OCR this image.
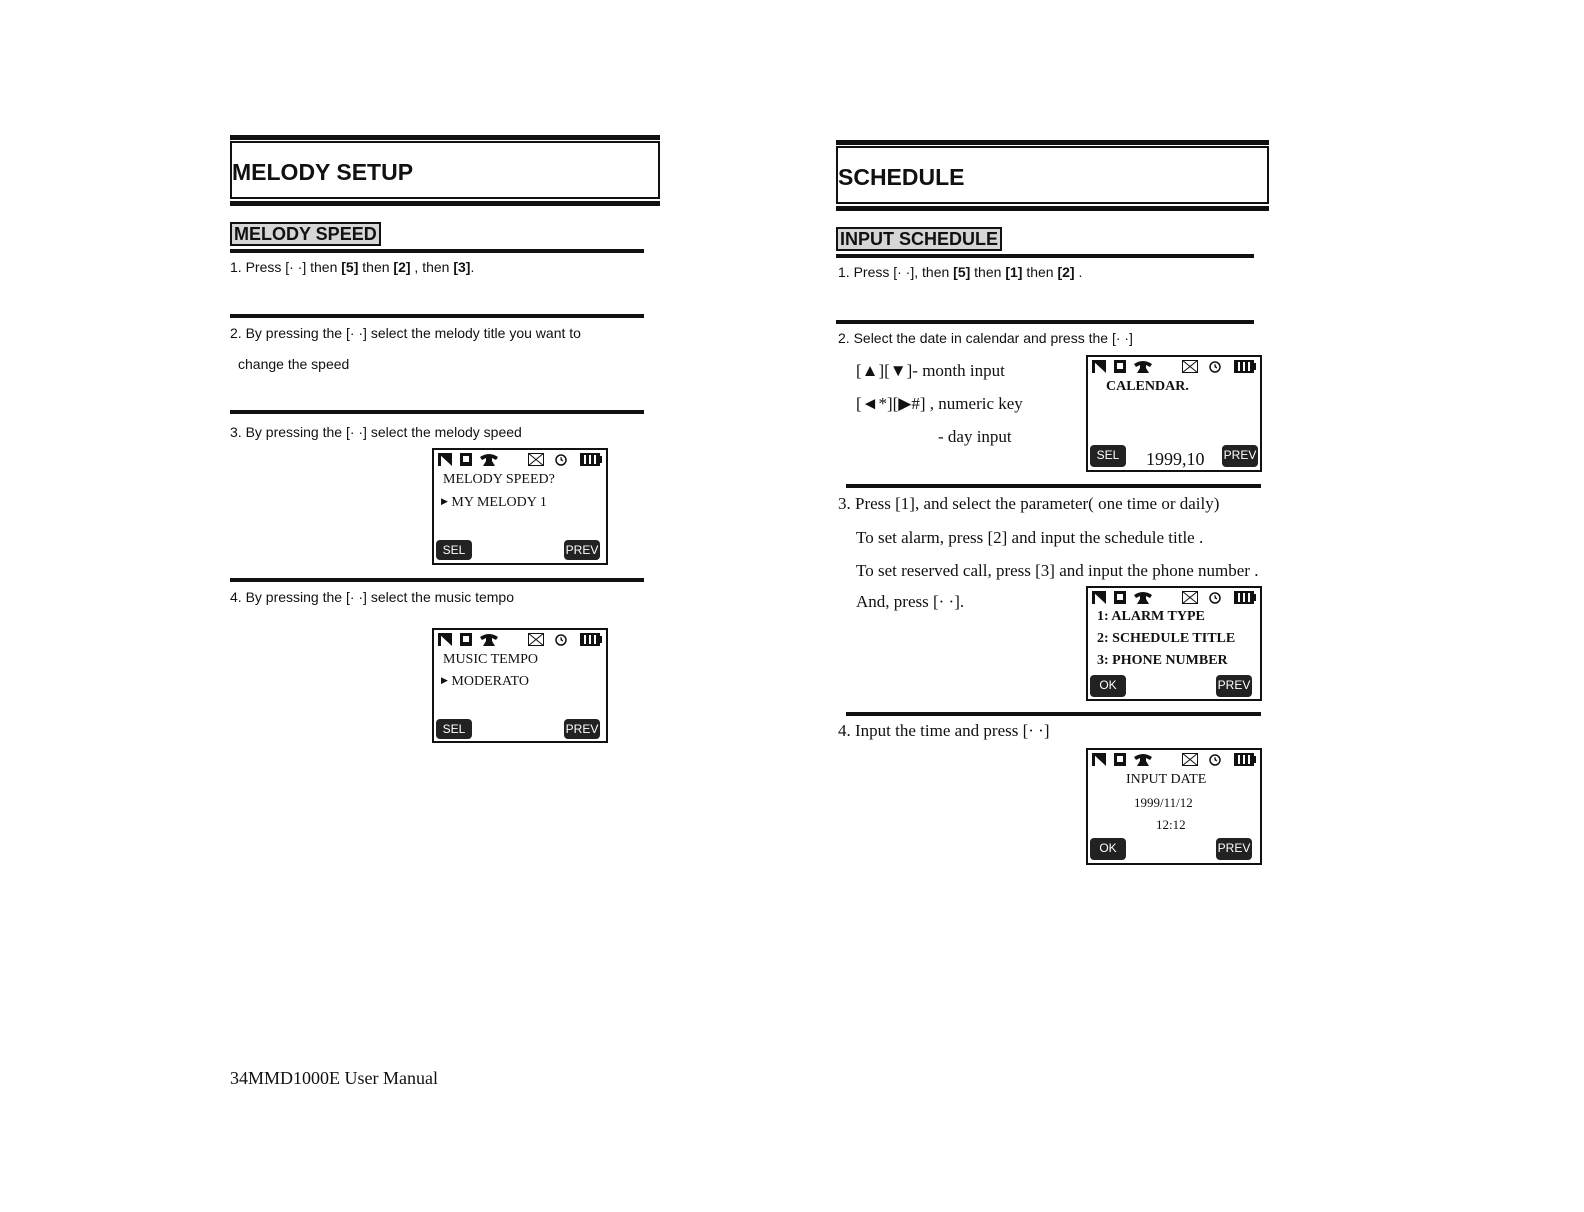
MELODY SETUP
MELODY SPEED
1. Press [· ·] then [5] then [2] , then [3].
2. By pressing the [· ·] select the melody title you want to
change the speed
3. By pressing the [· ·] select the melody speed
MELODY SPEED?
▶ MY MELODY 1
SEL	PREV
4. By pressing the [· ·] select the music tempo
MUSIC TEMPO
▶ MODERATO
SEL	PREV
SCHEDULE
INPUT SCHEDULE
1. Press [· ·], then [5] then [1] then [2] .
2. Select the date in calendar and press the [· ·]
[▲][▼]- month input
[◄*][▶#] , numeric key
- day input
CALENDAR.
1999,10
SEL	PREV
3. Press [1], and select the parameter( one time or daily)
To set alarm, press [2] and input the schedule title .
To set reserved call, press [3] and input the phone number .
And, press [· ·].
1: ALARM TYPE
2: SCHEDULE TITLE
3: PHONE NUMBER
OK	PREV
4. Input the time and press [· ·]
INPUT DATE
1999/11/12
12:12
OK	PREV
34MMD1000E User Manual
